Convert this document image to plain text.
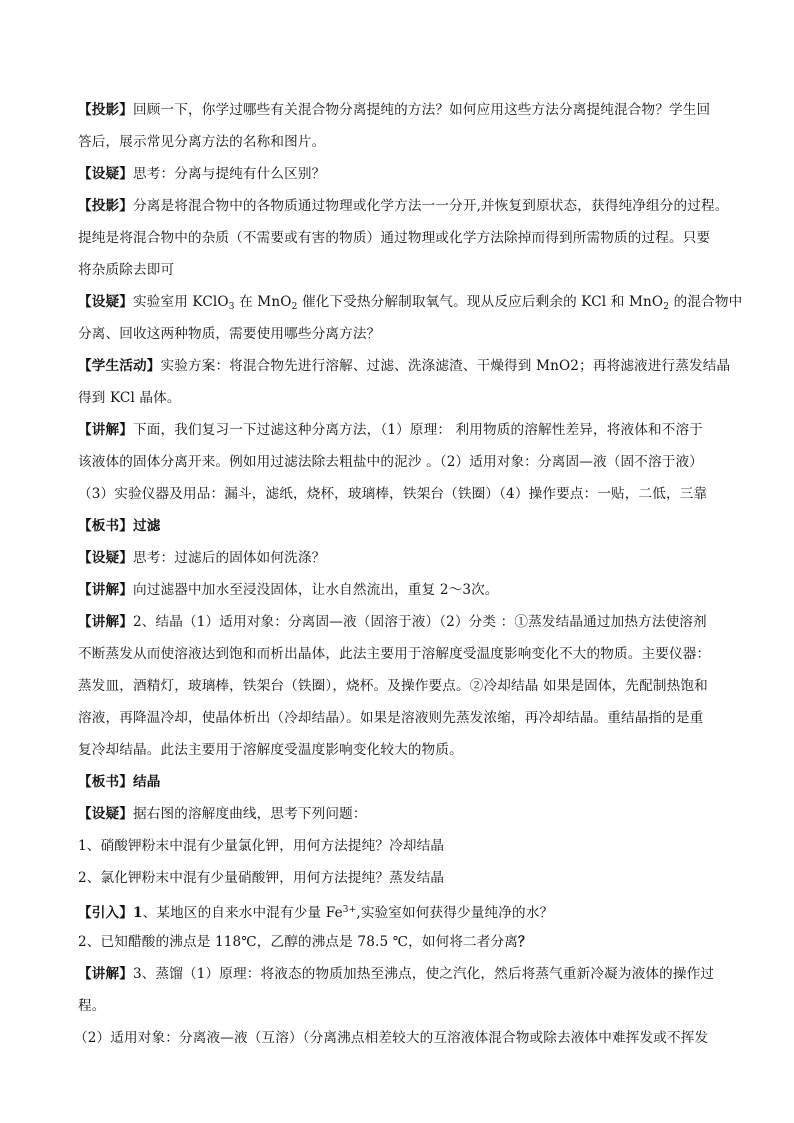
【投影】回顾一下，你学过哪些有关混合物分离提纯的方法？如何应用这些方法分离提纯混合物？学生回
答后，展示常见分离方法的名称和图片。
【设疑】思考：分离与提纯有什么区别？
【投影】分离是将混合物中的各物质通过物理或化学方法一一分开,并恢复到原状态，获得纯净组分的过程。
提纯是将混合物中的杂质（不需要或有害的物质）通过物理或化学方法除掉而得到所需物质的过程。只要
将杂质除去即可
【设疑】实验室用 KClO$_3$ 在 MnO$_2$ 催化下受热分解制取氧气。现从反应后剩余的 KCl 和 MnO$_2$ 的混合物中
分离、回收这两种物质，需要使用哪些分离方法？
【学生活动】实验方案：将混合物先进行溶解、过滤、洗涤滤渣、干燥得到 MnO2；再将滤液进行蒸发结晶
得到 KCl 晶体。
【讲解】下面，我们复习一下过滤这种分离方法，（1）原理： 利用物质的溶解性差异，将液体和不溶于
该液体的固体分离开来。例如用过滤法除去粗盐中的泥沙 。（2）适用对象：分离固—液（固不溶于液）
（3）实验仪器及用品：漏斗，滤纸，烧杯，玻璃棒，铁架台（铁圈）（4）操作要点：一贴，二低，三靠
【板书】过滤
【设疑】思考：过滤后的固体如何洗涤？
【讲解】向过滤器中加水至浸没固体，让水自然流出，重复 2～3次。
【讲解】2、结晶（1）适用对象：分离固—液（固溶于液）（2）分类 ：①蒸发结晶通过加热方法使溶剂
不断蒸发从而使溶液达到饱和而析出晶体，此法主要用于溶解度受温度影响变化不大的物质。主要仪器：
蒸发皿，酒精灯，玻璃棒，铁架台（铁圈），烧杯。及操作要点。②冷却结晶 如果是固体，先配制热饱和
溶液，再降温冷却，使晶体析出（冷却结晶）。如果是溶液则先蒸发浓缩，再冷却结晶。重结晶指的是重
复冷却结晶。此法主要用于溶解度受温度影响变化较大的物质。
【板书】结晶
【设疑】据右图的溶解度曲线，思考下列问题：
1、硝酸钾粉末中混有少量氯化钾，用何方法提纯？冷却结晶
2、氯化钾粉末中混有少量硝酸钾，用何方法提纯？蒸发结晶
【引入】1、某地区的自来水中混有少量 $Fe^{3+}$,实验室如何获得少量纯净的水？
2、已知醋酸的沸点是 118℃，乙醇的沸点是 78.5 ℃，如何将二者分离？
【讲解】3、蒸馏（1）原理：将液态的物质加热至沸点，使之汽化，然后将蒸气重新冷凝为液体的操作过
程。
（2）适用对象：分离液—液（互溶）（分离沸点相差较大的互溶液体混合物或除去液体中难挥发或不挥发
